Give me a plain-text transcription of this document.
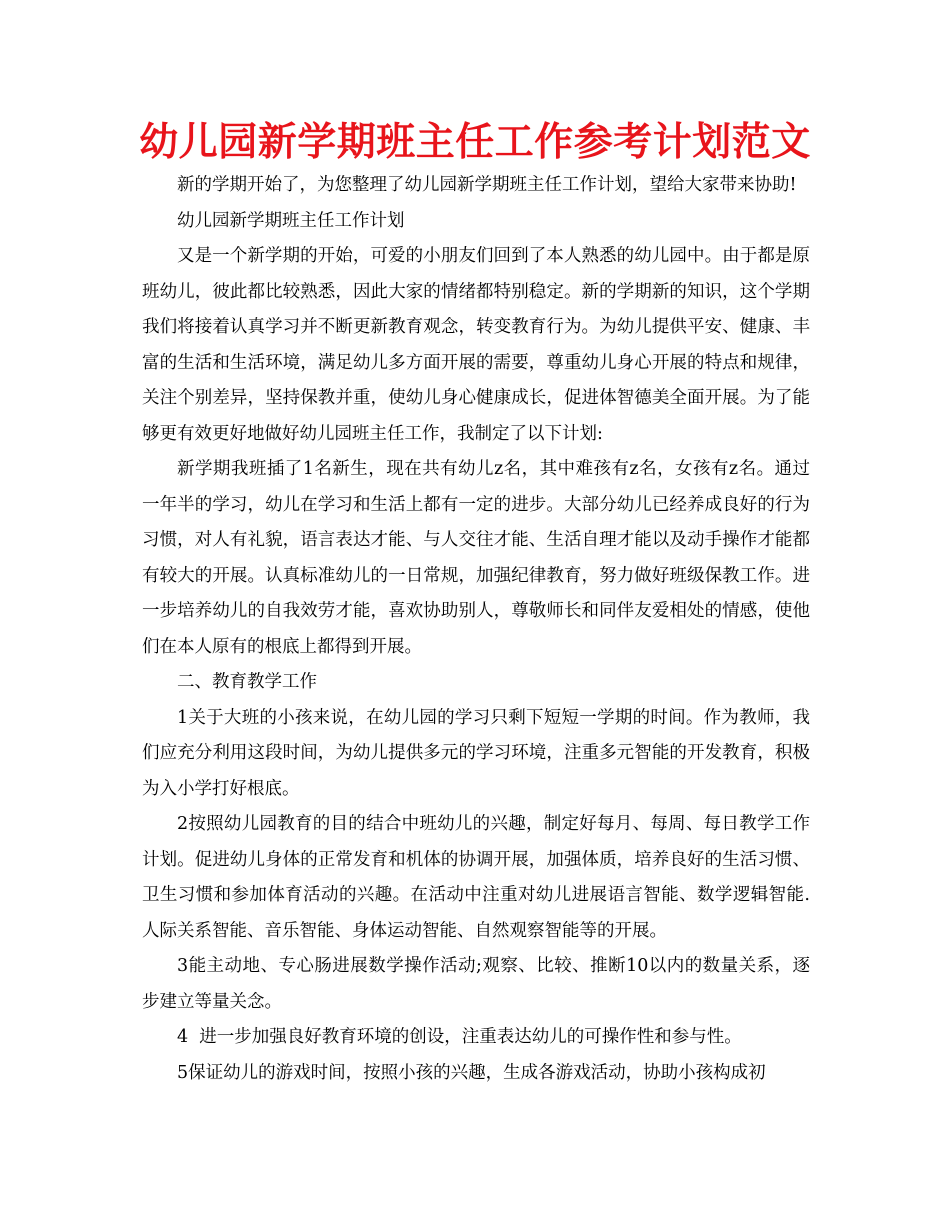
幼儿园新学期班主任工作参考计划范文

新的学期开始了，为您整理了幼儿园新学期班主任工作计划，望给大家带来协助!

幼儿园新学期班主任工作计划

又是一个新学期的开始，可爱的小朋友们回到了本人熟悉的幼儿园中。由于都是原班幼儿，彼此都比较熟悉，因此大家的情绪都特别稳定。新的学期新的知识，这个学期我们将接着认真学习并不断更新教育观念，转变教育行为。为幼儿提供平安、健康、丰富的生活和生活环境，满足幼儿多方面开展的需要，尊重幼儿身心开展的特点和规律，关注个别差异，坚持保教并重，使幼儿身心健康成长，促进体智德美全面开展。为了能够更有效更好地做好幼儿园班主任工作，我制定了以下计划:

新学期我班插了1名新生，现在共有幼儿z名，其中难孩有z名，女孩有z名。通过一年半的学习，幼儿在学习和生活上都有一定的进步。大部分幼儿已经养成良好的行为习惯，对人有礼貌，语言表达才能、与人交往才能、生活自理才能以及动手操作才能都有较大的开展。认真标准幼儿的一日常规，加强纪律教育，努力做好班级保教工作。进一步培养幼儿的自我效劳才能，喜欢协助别人，尊敬师长和同伴友爱相处的情感，使他们在本人原有的根底上都得到开展。

二、教育教学工作

1关于大班的小孩来说，在幼儿园的学习只剩下短短一学期的时间。作为教师，我们应充分利用这段时间，为幼儿提供多元的学习环境，注重多元智能的开发教育，积极为入小学打好根底。

2按照幼儿园教育的目的结合中班幼儿的兴趣，制定好每月、每周、每日教学工作计划。促进幼儿身体的正常发育和机体的协调开展，加强体质，培养良好的生活习惯、卫生习惯和参加体育活动的兴趣。在活动中注重对幼儿进展语言智能、数学逻辑智能.人际关系智能、音乐智能、身体运动智能、自然观察智能等的开展。

3能主动地、专心肠进展数学操作活动;观察、比较、推断10以内的数量关系，逐步建立等量关念。

4  进一步加强良好教育环境的创设，注重表达幼儿的可操作性和参与性。

5保证幼儿的游戏时间，按照小孩的兴趣，生成各游戏活动，协助小孩构成初
